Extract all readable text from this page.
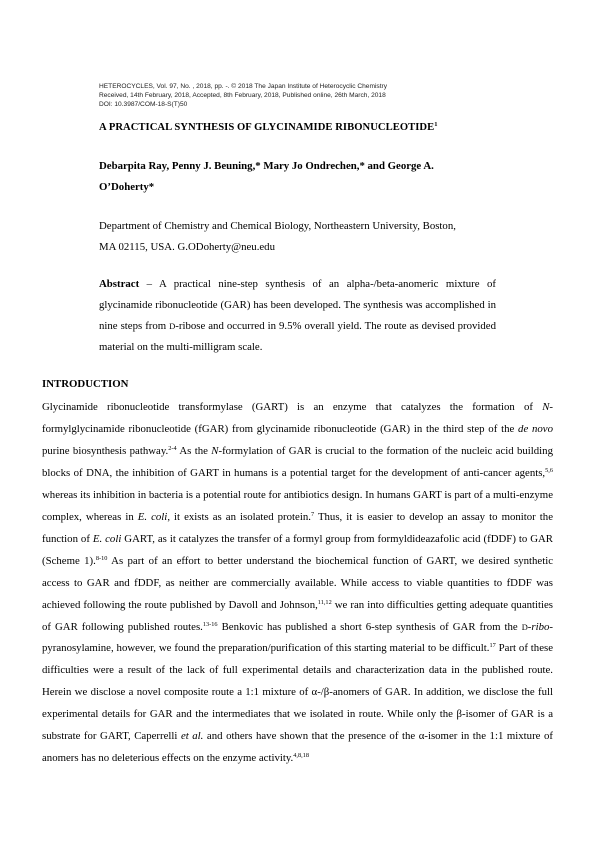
HETEROCYCLES, Vol. 97, No. , 2018, pp. -. © 2018 The Japan Institute of Heterocyclic Chemistry
Received, 14th February, 2018, Accepted, 8th February, 2018, Published online, 26th March, 2018
DOI: 10.3987/COM-18-S(T)50
A PRACTICAL SYNTHESIS OF GLYCINAMIDE RIBONUCLEOTIDE$^1$
Debarpita Ray, Penny J. Beuning,* Mary Jo Ondrechen,* and George A.
O’Doherty*
Department of Chemistry and Chemical Biology, Northeastern University, Boston,
MA 02115, USA. G.ODoherty@neu.edu
Abstract – A practical nine-step synthesis of an alpha-/beta-anomeric mixture of glycinamide ribonucleotide (GAR) has been developed. The synthesis was accomplished in nine steps from D-ribose and occurred in 9.5% overall yield. The route as devised provided material on the multi-milligram scale.
INTRODUCTION
Glycinamide ribonucleotide transformylase (GART) is an enzyme that catalyzes the formation of N-formylglycinamide ribonucleotide (fGAR) from glycinamide ribonucleotide (GAR) in the third step of the de novo purine biosynthesis pathway.$^{2-4}$ As the N-formylation of GAR is crucial to the formation of the nucleic acid building blocks of DNA, the inhibition of GART in humans is a potential target for the development of anti-cancer agents,$^{5,6}$ whereas its inhibition in bacteria is a potential route for antibiotics design. In humans GART is part of a multi-enzyme complex, whereas in E. coli, it exists as an isolated protein.$^7$ Thus, it is easier to develop an assay to monitor the function of E. coli GART, as it catalyzes the transfer of a formyl group from formyldideazafolic acid (fDDF) to GAR (Scheme 1).$^{8-10}$ As part of an effort to better understand the biochemical function of GART, we desired synthetic access to GAR and fDDF, as neither are commercially available. While access to viable quantities to fDDF was achieved following the route published by Davoll and Johnson,$^{11,12}$ we ran into difficulties getting adequate quantities of GAR following published routes.$^{13-16}$ Benkovic has published a short 6-step synthesis of GAR from the D-ribo-pyranosylamine, however, we found the preparation/purification of this starting material to be difficult.$^{17}$ Part of these difficulties were a result of the lack of full experimental details and characterization data in the published route. Herein we disclose a novel composite route a 1:1 mixture of α-/β-anomers of GAR. In addition, we disclose the full experimental details for GAR and the intermediates that we isolated in route. While only the β-isomer of GAR is a substrate for GART, Caperrelli et al. and others have shown that the presence of the α-isomer in the 1:1 mixture of anomers has no deleterious effects on the enzyme activity.$^{4,8,18}$
